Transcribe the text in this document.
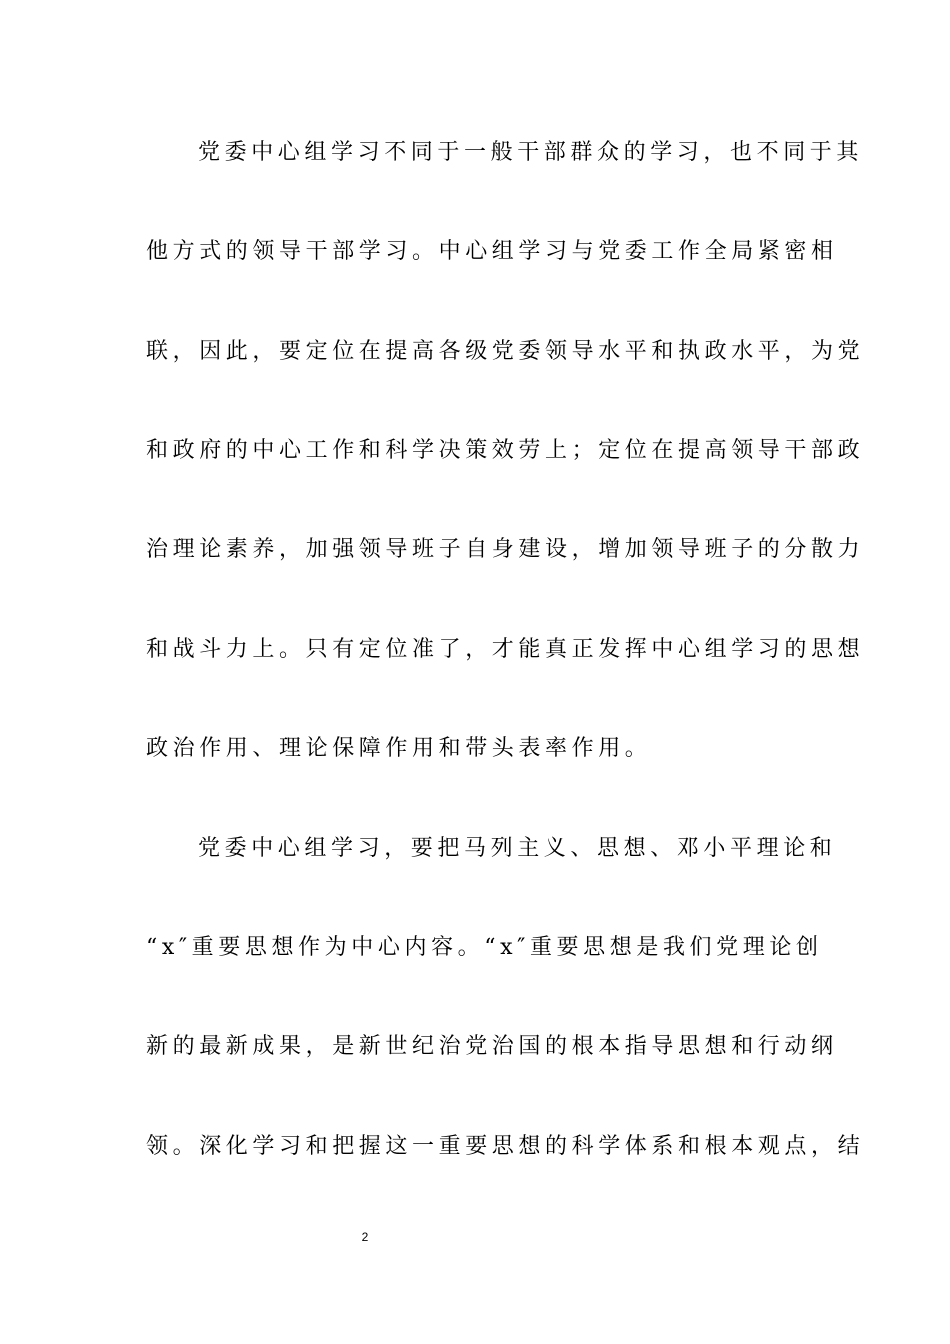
党委中心组学习不同于一般干部群众的学习，也不同于其
他方式的领导干部学习。中心组学习与党委工作全局紧密相
联，因此，要定位在提高各级党委领导水平和执政水平，为党
和政府的中心工作和科学决策效劳上；定位在提高领导干部政
治理论素养，加强领导班子自身建设，增加领导班子的分散力
和战斗力上。只有定位准了，才能真正发挥中心组学习的思想
政治作用、理论保障作用和带头表率作用。
党委中心组学习，要把马列主义、思想、邓小平理论和
“x″重要思想作为中心内容。“x″重要思想是我们党理论创
新的最新成果，是新世纪治党治国的根本指导思想和行动纲
领。深化学习和把握这一重要思想的科学体系和根本观点，结
2
